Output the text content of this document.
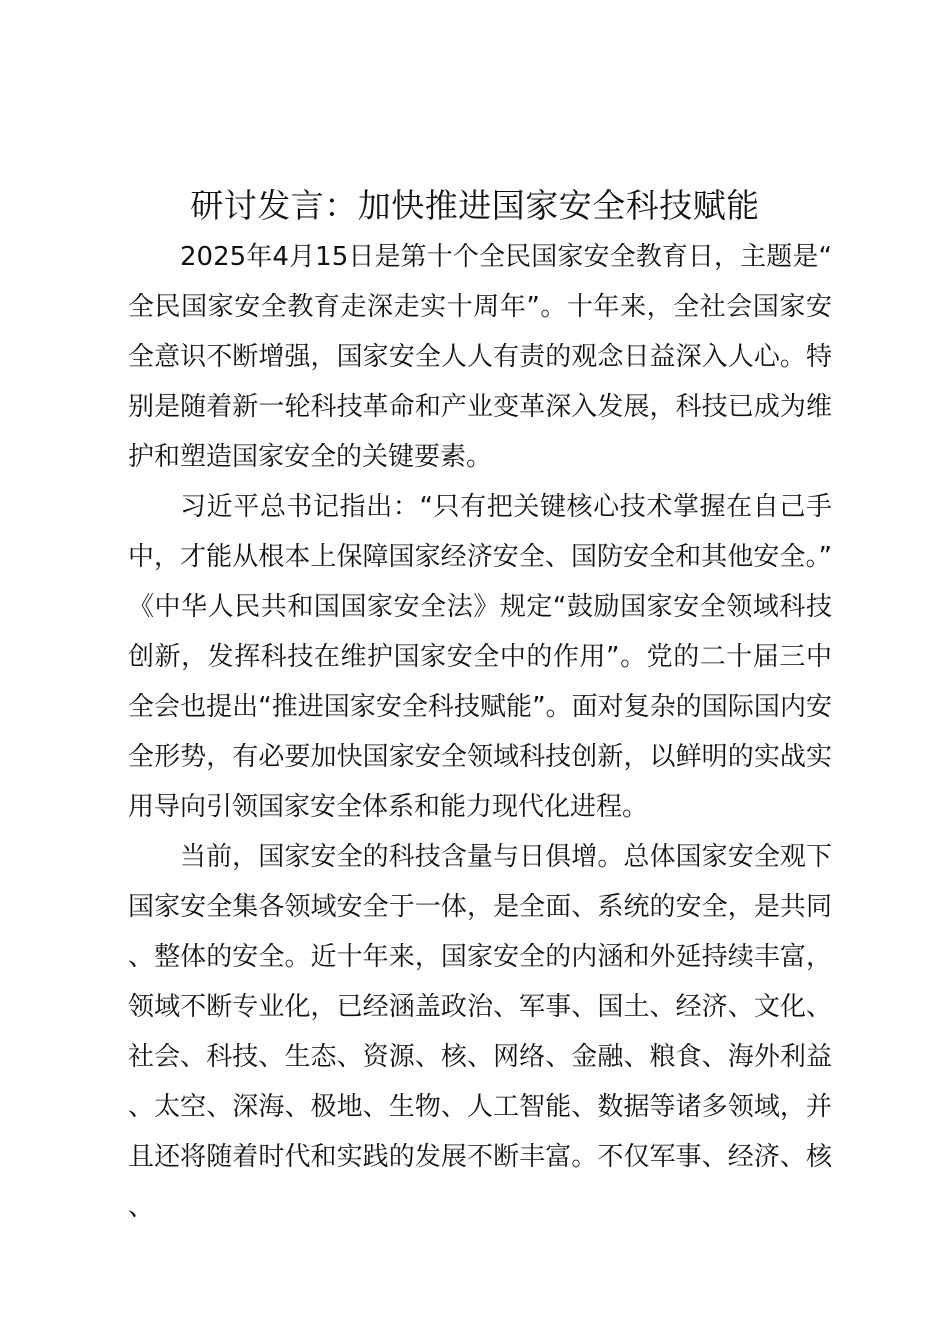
研讨发言：加快推进国家安全科技赋能

2025年4月15日是第十个全民国家安全教育日，主题是“全民国家安全教育走深走实十周年”。十年来，全社会国家安全意识不断增强，国家安全人人有责的观念日益深入人心。特别是随着新一轮科技革命和产业变革深入发展，科技已成为维护和塑造国家安全的关键要素。

习近平总书记指出：“只有把关键核心技术掌握在自己手中，才能从根本上保障国家经济安全、国防安全和其他安全。”《中华人民共和国国家安全法》规定“鼓励国家安全领域科技创新，发挥科技在维护国家安全中的作用”。党的二十届三中全会也提出“推进国家安全科技赋能”。面对复杂的国际国内安全形势，有必要加快国家安全领域科技创新，以鲜明的实战实用导向引领国家安全体系和能力现代化进程。

当前，国家安全的科技含量与日俱增。总体国家安全观下国家安全集各领域安全于一体，是全面、系统的安全，是共同、整体的安全。近十年来，国家安全的内涵和外延持续丰富，领域不断专业化，已经涵盖政治、军事、国土、经济、文化、社会、科技、生态、资源、核、网络、金融、粮食、海外利益、太空、深海、极地、生物、人工智能、数据等诸多领域，并且还将随着时代和实践的发展不断丰富。不仅军事、经济、核、
